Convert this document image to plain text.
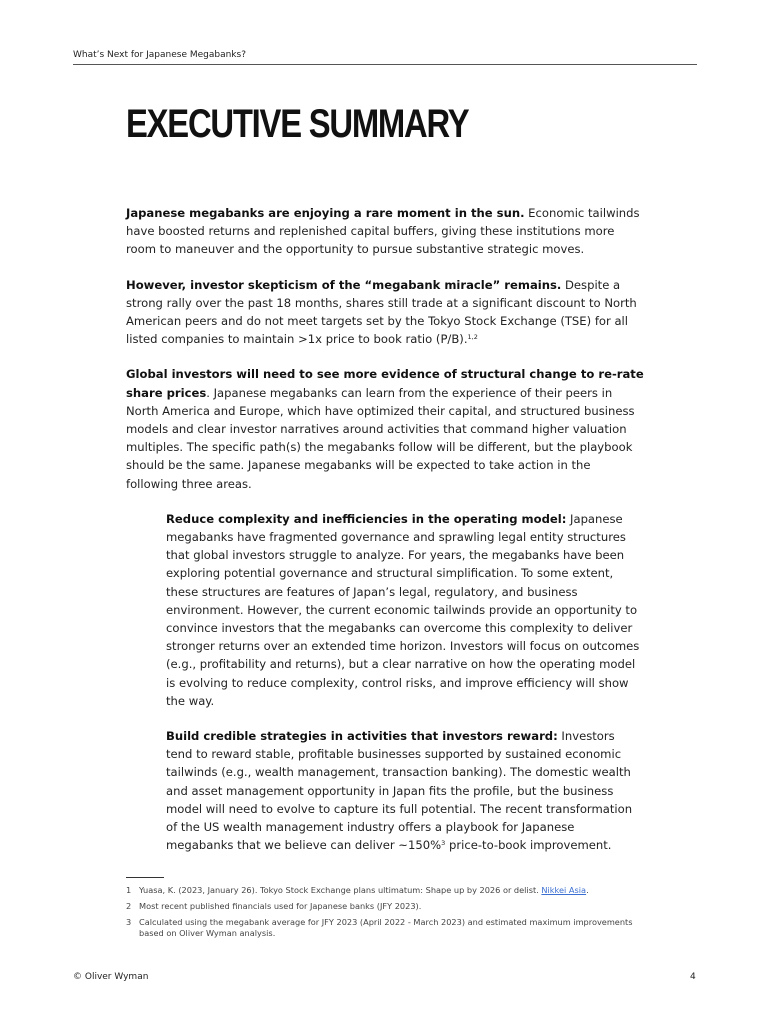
What’s Next for Japanese Megabanks?
EXECUTIVE SUMMARY

Japanese megabanks are enjoying a rare moment in the sun. Economic tailwinds have boosted returns and replenished capital buffers, giving these institutions more room to maneuver and the opportunity to pursue substantive strategic moves.

However, investor skepticism of the “megabank miracle” remains. Despite a strong rally over the past 18 months, shares still trade at a significant discount to North American peers and do not meet targets set by the Tokyo Stock Exchange (TSE) for all listed companies to maintain >1x price to book ratio (P/B).$^{1,2}$

Global investors will need to see more evidence of structural change to re-rate share prices. Japanese megabanks can learn from the experience of their peers in North America and Europe, which have optimized their capital, and structured business models and clear investor narratives around activities that command higher valuation multiples. The specific path(s) the megabanks follow will be different, but the playbook should be the same. Japanese megabanks will be expected to take action in the following three areas.

Reduce complexity and inefficiencies in the operating model: Japanese megabanks have fragmented governance and sprawling legal entity structures that global investors struggle to analyze. For years, the megabanks have been exploring potential governance and structural simplification. To some extent, these structures are features of Japan’s legal, regulatory, and business environment. However, the current economic tailwinds provide an opportunity to convince investors that the megabanks can overcome this complexity to deliver stronger returns over an extended time horizon. Investors will focus on outcomes (e.g., profitability and returns), but a clear narrative on how the operating model is evolving to reduce complexity, control risks, and improve efficiency will show the way.

Build credible strategies in activities that investors reward: Investors tend to reward stable, profitable businesses supported by sustained economic tailwinds (e.g., wealth management, transaction banking). The domestic wealth and asset management opportunity in Japan fits the profile, but the business model will need to evolve to capture its full potential. The recent transformation of the US wealth management industry offers a playbook for Japanese megabanks that we believe can deliver ~150%$^3$ price-to-book improvement.

1 Yuasa, K. (2023, January 26). Tokyo Stock Exchange plans ultimatum: Shape up by 2026 or delist. Nikkei Asia.
2 Most recent published financials used for Japanese banks (JFY 2023).
3 Calculated using the megabank average for JFY 2023 (April 2022 - March 2023) and estimated maximum improvements based on Oliver Wyman analysis.
© Oliver Wyman	4
